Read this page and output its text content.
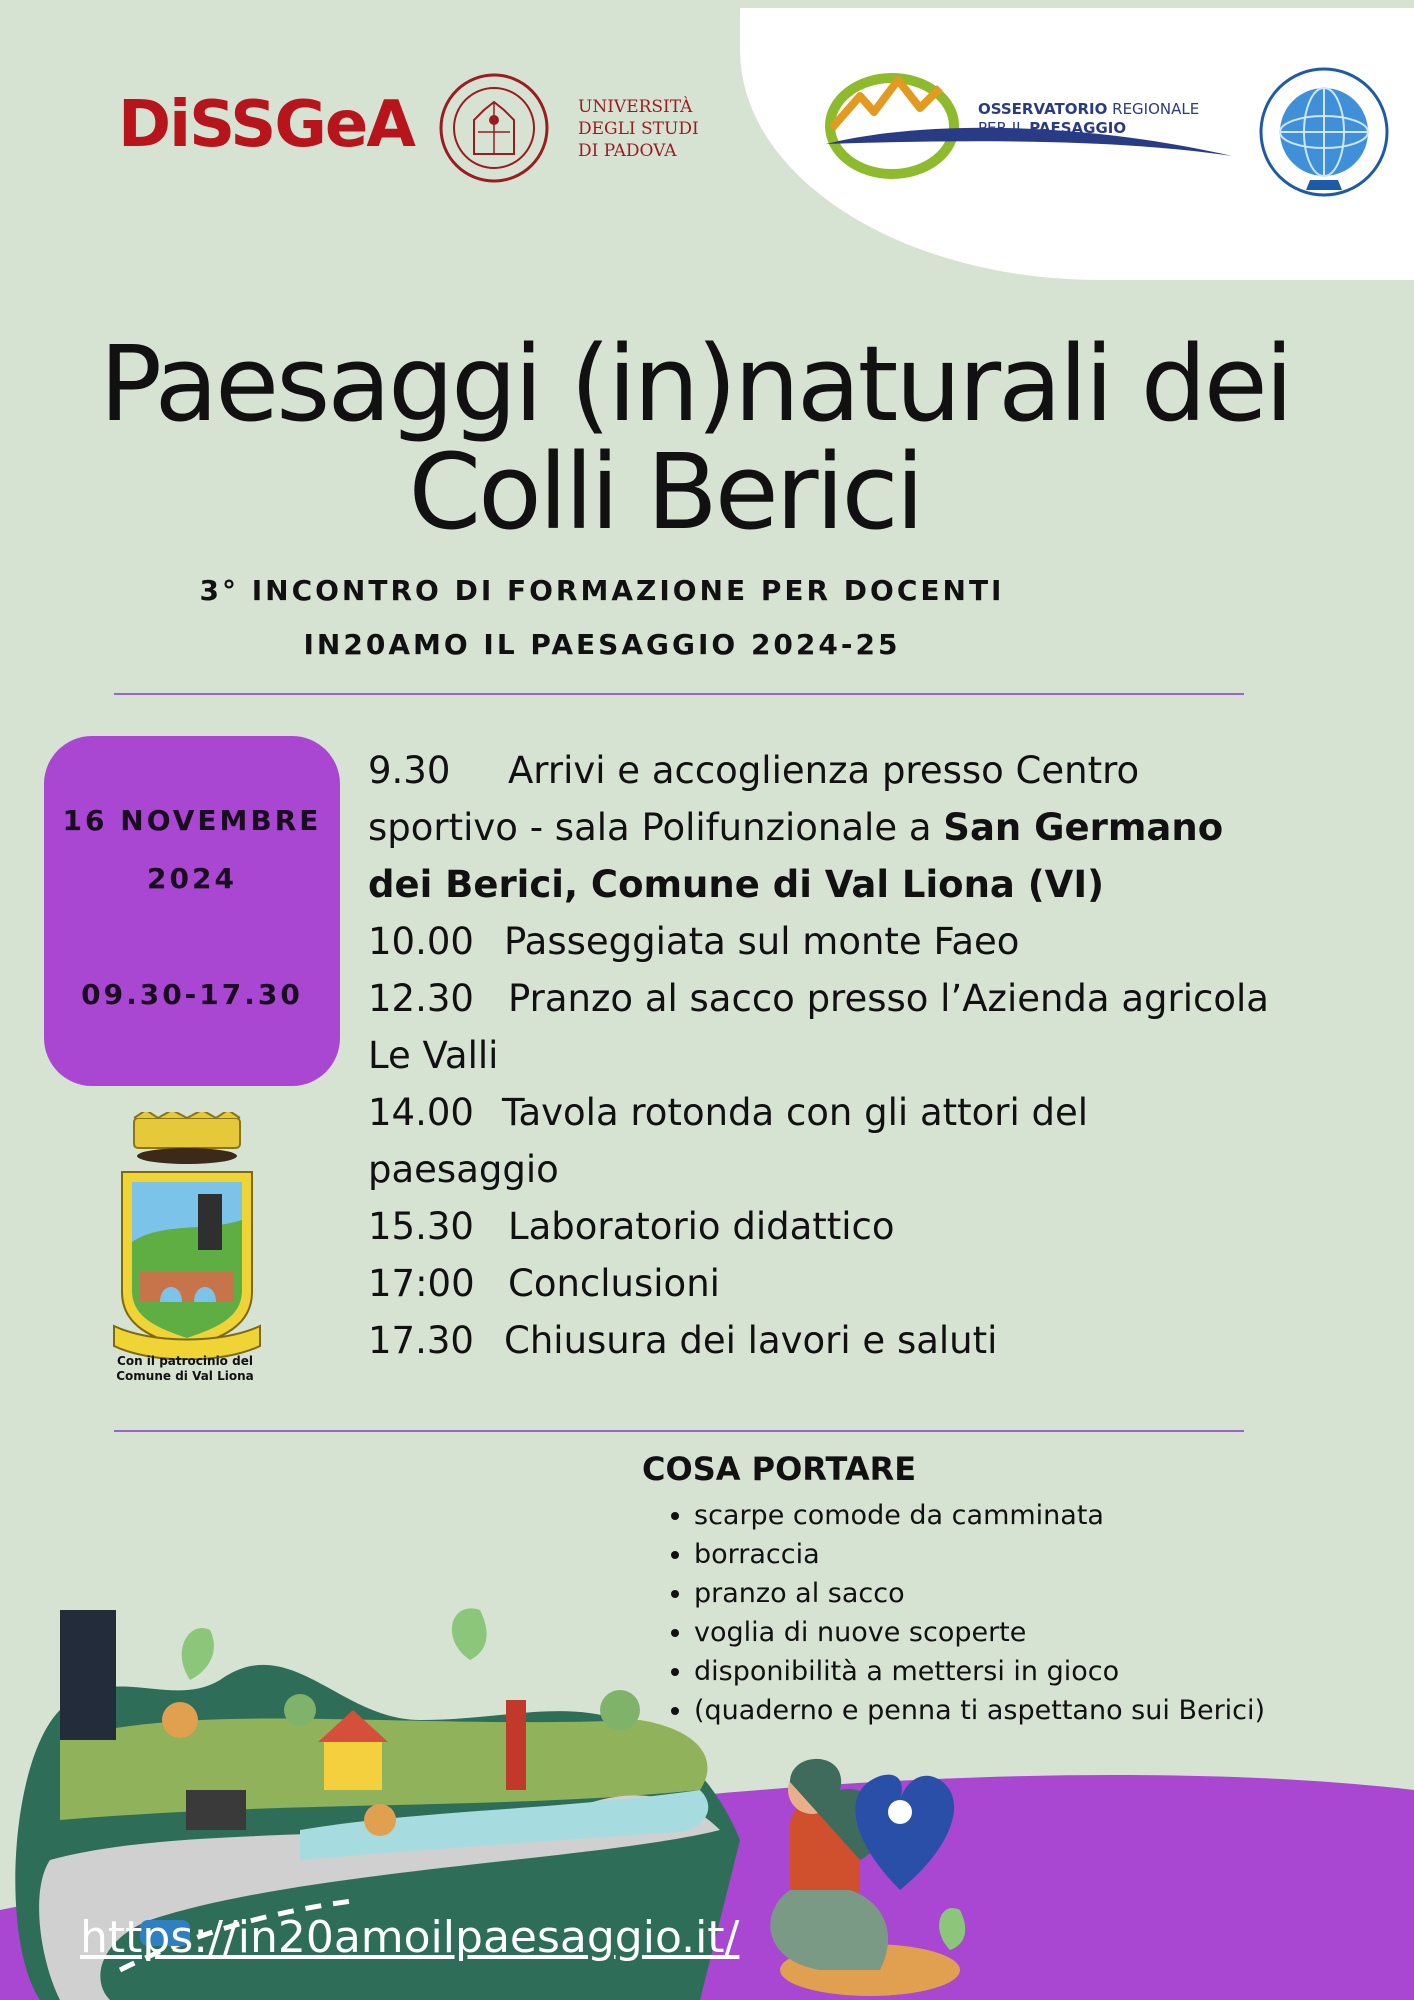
DiSSGeA	UNIVERSITÀ
DEGLI STUDI
DI PADOVA
OSSERVATORIO REGIONALE
PER IL PAESAGGIO
Paesaggi (in)naturali dei
Colli Berici
3° INCONTRO DI FORMAZIONE PER DOCENTI
IN20AMO IL PAESAGGIO 2024-25
16 NOVEMBRE
2024
09.30-17.30
Con il patrocinio del
Comune di Val Liona
9.30 Arrivi e accoglienza presso Centro
sportivo - sala Polifunzionale a San Germano
dei Berici, Comune di Val Liona (VI)
10.00 Passeggiata sul monte Faeo
12.30 Pranzo al sacco presso l’Azienda agricola
Le Valli
14.00 Tavola rotonda con gli attori del
paesaggio
15.30 Laboratorio didattico
17:00 Conclusioni
17.30 Chiusura dei lavori e saluti
COSA PORTARE
• scarpe comode da camminata
• borraccia
• pranzo al sacco
• voglia di nuove scoperte
• disponibilità a mettersi in gioco
• (quaderno e penna ti aspettano sui Berici)
https://in20amoilpaesaggio.it/
